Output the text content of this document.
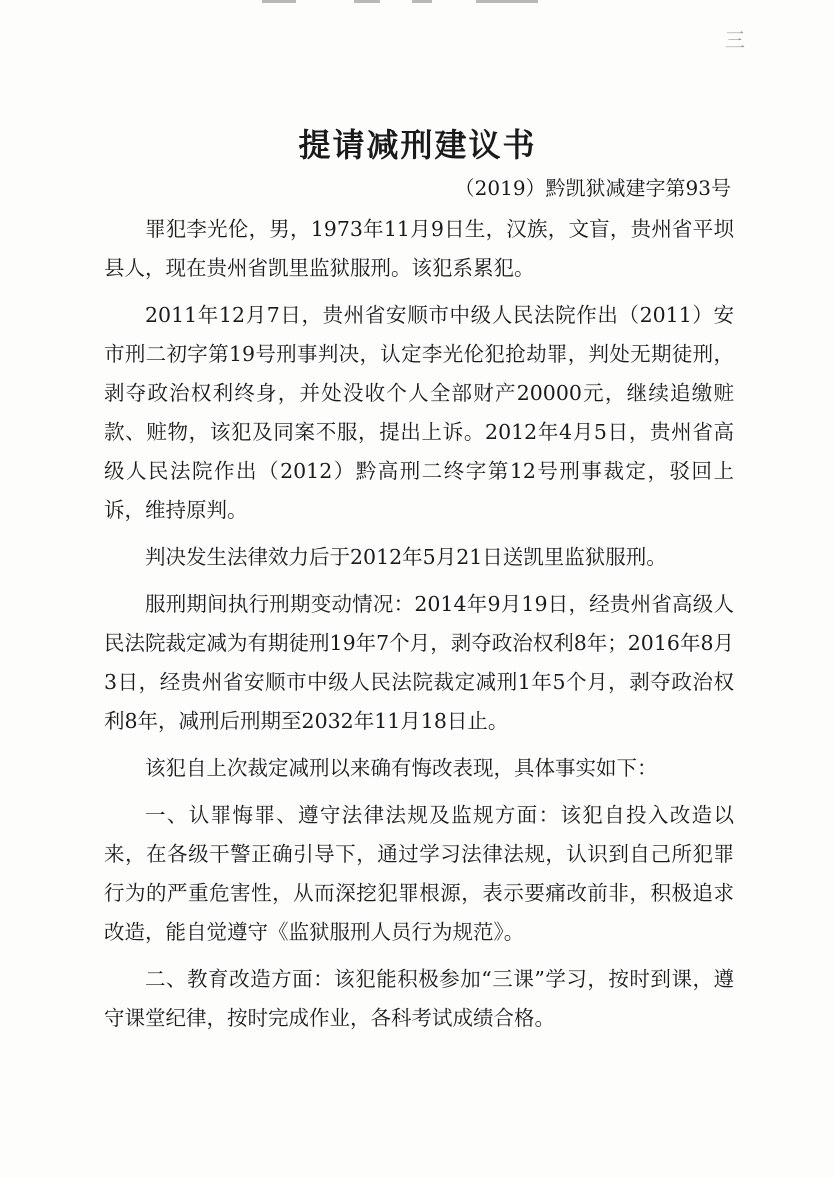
三
提请减刑建议书

（2019）黔凯狱减建字第93号

罪犯李光伦，男，1973年11月9日生，汉族，文盲，贵州省平坝县人，现在贵州省凯里监狱服刑。该犯系累犯。

2011年12月7日，贵州省安顺市中级人民法院作出（2011）安市刑二初字第19号刑事判决，认定李光伦犯抢劫罪，判处无期徒刑，剥夺政治权利终身，并处没收个人全部财产20000元，继续追缴赃款、赃物，该犯及同案不服，提出上诉。2012年4月5日，贵州省高级人民法院作出（2012）黔高刑二终字第12号刑事裁定，驳回上诉，维持原判。

判决发生法律效力后于2012年5月21日送凯里监狱服刑。

服刑期间执行刑期变动情况：2014年9月19日，经贵州省高级人民法院裁定减为有期徒刑19年7个月，剥夺政治权利8年；2016年8月3日，经贵州省安顺市中级人民法院裁定减刑1年5个月，剥夺政治权利8年，减刑后刑期至2032年11月18日止。

该犯自上次裁定减刑以来确有悔改表现，具体事实如下：

一、认罪悔罪、遵守法律法规及监规方面：该犯自投入改造以来，在各级干警正确引导下，通过学习法律法规，认识到自己所犯罪行为的严重危害性，从而深挖犯罪根源，表示要痛改前非，积极追求改造，能自觉遵守《监狱服刑人员行为规范》。

二、教育改造方面：该犯能积极参加“三课”学习，按时到课，遵守课堂纪律，按时完成作业，各科考试成绩合格。
